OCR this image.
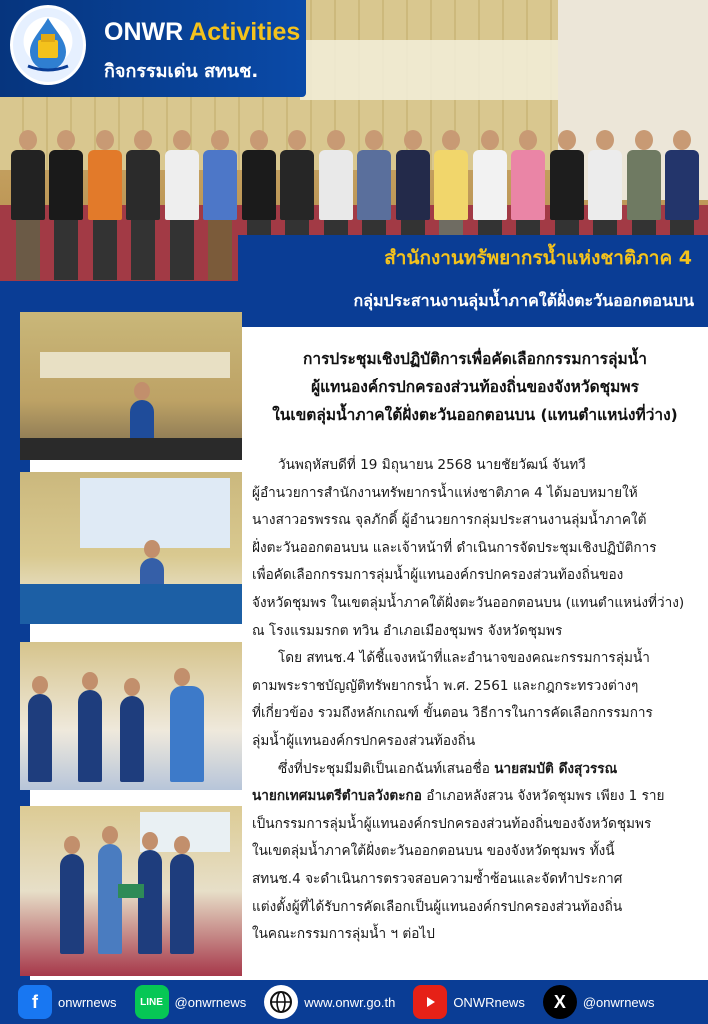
ONWR Activities
กิจกรรมเด่น สทนช.
สำนักงานทรัพยากรน้ำแห่งชาติภาค 4
กลุ่มประสานงานลุ่มน้ำภาคใต้ฝั่งตะวันออกตอนบน
การประชุมเชิงปฏิบัติการเพื่อคัดเลือกกรรมการลุ่มน้ำ
ผู้แทนองค์กรปกครองส่วนท้องถิ่นของจังหวัดชุมพร
ในเขตลุ่มน้ำภาคใต้ฝั่งตะวันออกตอนบน (แทนตำแหน่งที่ว่าง)
วันพฤหัสบดีที่ 19 มิถุนายน 2568 นายชัยวัฒน์ จันทวี
ผู้อำนวยการสำนักงานทรัพยากรน้ำแห่งชาติภาค 4 ได้มอบหมายให้
นางสาวอรพรรณ จุลภักดิ์ ผู้อำนวยการกลุ่มประสานงานลุ่มน้ำภาคใต้
ฝั่งตะวันออกตอนบน และเจ้าหน้าที่ ดำเนินการจัดประชุมเชิงปฏิบัติการ
เพื่อคัดเลือกกรรมการลุ่มน้ำผู้แทนองค์กรปกครองส่วนท้องถิ่นของ
จังหวัดชุมพร ในเขตลุ่มน้ำภาคใต้ฝั่งตะวันออกตอนบน (แทนตำแหน่งที่ว่าง)
ณ โรงแรมมรกต ทวิน อำเภอเมืองชุมพร จังหวัดชุมพร
โดย สทนช.4 ได้ชี้แจงหน้าที่และอำนาจของคณะกรรมการลุ่มน้ำ
ตามพระราชบัญญัติทรัพยากรน้ำ พ.ศ. 2561 และกฎกระทรวงต่างๆ
ที่เกี่ยวข้อง รวมถึงหลักเกณฑ์ ขั้นตอน วิธีการในการคัดเลือกกรรมการ
ลุ่มน้ำผู้แทนองค์กรปกครองส่วนท้องถิ่น
ซึ่งที่ประชุมมีมติเป็นเอกฉันท์เสนอชื่อ นายสมบัติ ดึงสุวรรณ
นายกเทศมนตรีตำบลวังตะกอ อำเภอหลังสวน จังหวัดชุมพร เพียง 1 ราย
เป็นกรรมการลุ่มน้ำผู้แทนองค์กรปกครองส่วนท้องถิ่นของจังหวัดชุมพร
ในเขตลุ่มน้ำภาคใต้ฝั่งตะวันออกตอนบน ของจังหวัดชุมพร ทั้งนี้
สทนช.4 จะดำเนินการตรวจสอบความซ้ำซ้อนและจัดทำประกาศ
แต่งตั้งผู้ที่ได้รับการคัดเลือกเป็นผู้แทนองค์กรปกครองส่วนท้องถิ่น
ในคณะกรรมการลุ่มน้ำ ฯ ต่อไป
f	onwrnews	LINE @onwrnews	www.onwr.go.th	ONWRnews	X	@onwrnews
